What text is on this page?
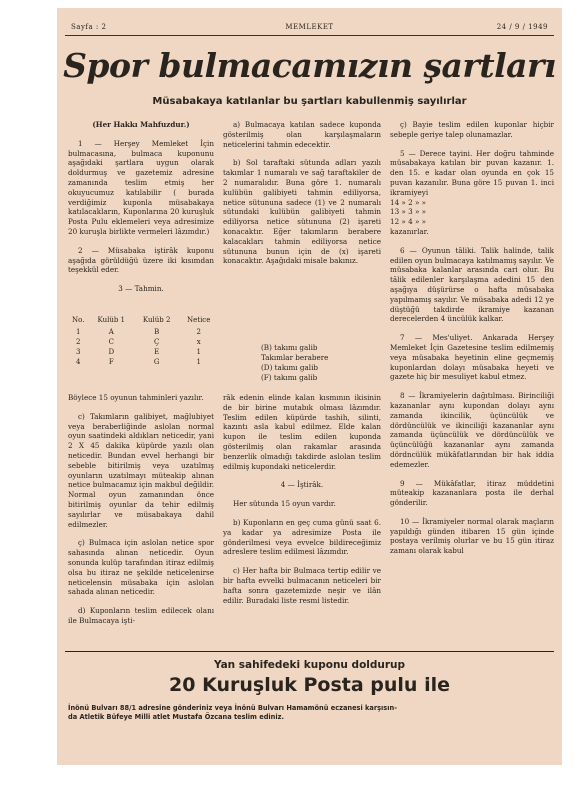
Sayfa : 2	MEMLEKET	24 / 9 / 1949
Spor bulmacamızın şartları
Müsabakaya katılanlar bu şartları kabullenmiş sayılırlar

(Her Hakkı Mahfuzdur.)

1 — Herşey Memleket İçin bulmacasına, bulmaca kuponunu aşağıdaki şartlara uygun olarak doldurmuş ve gazetemiz adresine zamanında teslim etmiş her okuyucumuz katılabilir ( burada verdiğimiz kuponla müsabakaya katılacakların, Kuponlarına 20 kuruşluk Posta Pulu eklemeleri veya adresimize 20 kuruşla birlikte vermeleri lâzımdır.)

2 — Müsabaka iştirâk kuponu aşağıda görüldüğü üzere iki kısımdan teşekkül eder.

3 — Tahmin.

No.	Kulüb 1	Kulüb 2	Netice
1	A	B	2
2	C	Ç	x
3	D	E	1
4	F	G	1
(B) takımı galib
Takımlar berabere
(D) takımı galib
(F) takımı galib

Böylece 15 oyunun tahminleri yazılır.

c) Takımların galibiyet, mağlubiyet veya beraberliğinde aslolan normal oyun saatindeki aldıkları neticedir, yani 2 X 45 dakika küpürde yazılı olan neticedir. Bundan evvel herhangi bir sebeble bitirilmiş veya uzatılmış oyunların uzatılmayı müteakip alınan netice bulmacamız için makbul değildir. Normal oyun zamanından önce bitirilmiş oyunlar da tehir edilmiş sayılırlar ve müsabakaya dahil edilmezler.

ç) Bulmaca için aslolan netice spor sahasında alınan neticedir. Oyun sonunda kulüp tarafından itiraz edilmiş olsa bu itiraz ne şekilde neticelenirse neticelensin müsabaka için aslolan sahada alınan neticedir.

d) Kuponların teslim edilecek olanı ile Bulmacaya işti-

a) Bulmacaya katılan sadece kuponda gösterilmiş olan karşılaşmaların neticelerini tahmin edecektir.

b) Sol taraftaki sütunda adları yazılı takımlar 1 numaralı ve sağ taraftakiler de 2 numaralıdır. Buna göre 1. numaralı kulübün galibiyeti tahmin ediliyorsa, netice sütununa sadece (1) ve 2 numaralı sütundaki kulübün galibiyeti tahmin ediliyorsa netice sütununa (2) işareti konacaktır. Eğer takımların berabere kalacakları tahmin ediliyorsa netice sütununa bunun için de (x) işareti konacaktır. Aşağıdaki misale bakınız.

râk edenin elinde kalan kısmının ikisinin de bir birine mutabık olması lâzımdır. Teslim edilen küpürde tashih, silinti, kazıntı asla kabul edilmez. Elde kalan kupon ile teslim edilen kuponda gösterilmiş olan rakamlar arasında benzerlik olmadığı takdirde aslolan teslim edilmiş kupondaki neticelerdir.

4 — İştirâk.

Her sütunda 15 oyun vardır.

b) Kuponların en geç cuma günü saat 6. ya kadar ya adresimize Posta ile gönderilmesi veya evvelce bildireceğimiz adreslere teslim edilmesi lâzımdır.

c) Her hafta bir Bulmaca tertip edilir ve bir hafta evvelki bulmacanın neticeleri bir hafta sonra gazetemizde neşir ve ilân edilir. Buradaki liste resmi listedir.

ç) Bayie teslim edilen kuponlar hiçbir sebeple geriye talep olunamazlar.

5 — Derece tayini. Her doğru tahminde müsabakaya katılan bir puvan kazanır. 1. den 15. e kadar olan oyunda en çok 15 puvan kazanılır. Buna göre 15 puvan 1. inci ikramiyeyi

14 » 2 » »

13 » 3 » »

12 » 4 » »

kazanırlar.

6 — Oyunun tâliki. Talik halinde, talik edilen oyun bulmacaya katılmamış sayılır. Ve müsabaka kalanlar arasında cari olur. Bu tâlik edilenler karşılaşma adedini 15 den aşağıya düşürürse o hafta müsabaka yapılmamış sayılır. Ve müsabaka adedi 12 ye düştüğü takdirde ikramiye kazanan derecelerden 4 üncülük kalkar.

7 — Mes'uliyet. Ankarada Herşey Memleket İçin Gazetesine teslim edilmemiş veya müsabaka heyetinin eline geçmemiş kuponlardan dolayı müsabaka heyeti ve gazete hiç bir mesuliyet kabul etmez.

8 — İkramiyelerin dağıtılması. Birinciliği kazananlar aynı kupondan dolayı aynı zamanda ikincilik, üçüncülük ve dördüncülük ve ikinciliği kazananlar aynı zamanda üçüncülük ve dördüncülük ve üçüncülüğü kazananlar aynı zamanda dördncülük mükâfatlarından bir hak iddia edemezler.

9 — Mükâfatlar, itiraz müddetini müteakip kazananlara posta ile derhal gönderilir.

10 — İkramiyeler normal olarak maçların yapıldığı günden itibaren 15 gün içinde postaya verilmiş olurlar ve bu 15 gün itiraz zamanı olarak kabul

Yan sahifedeki kuponu doldurup
20 Kuruşluk Posta pulu ile
İnönü Bulvarı 88/1 adresine gönderiniz veya İnönü Bulvarı Hamamönü eczanesi karşısın-
da Atletik Büfeye Milli atlet Mustafa Özcana teslim ediniz.
